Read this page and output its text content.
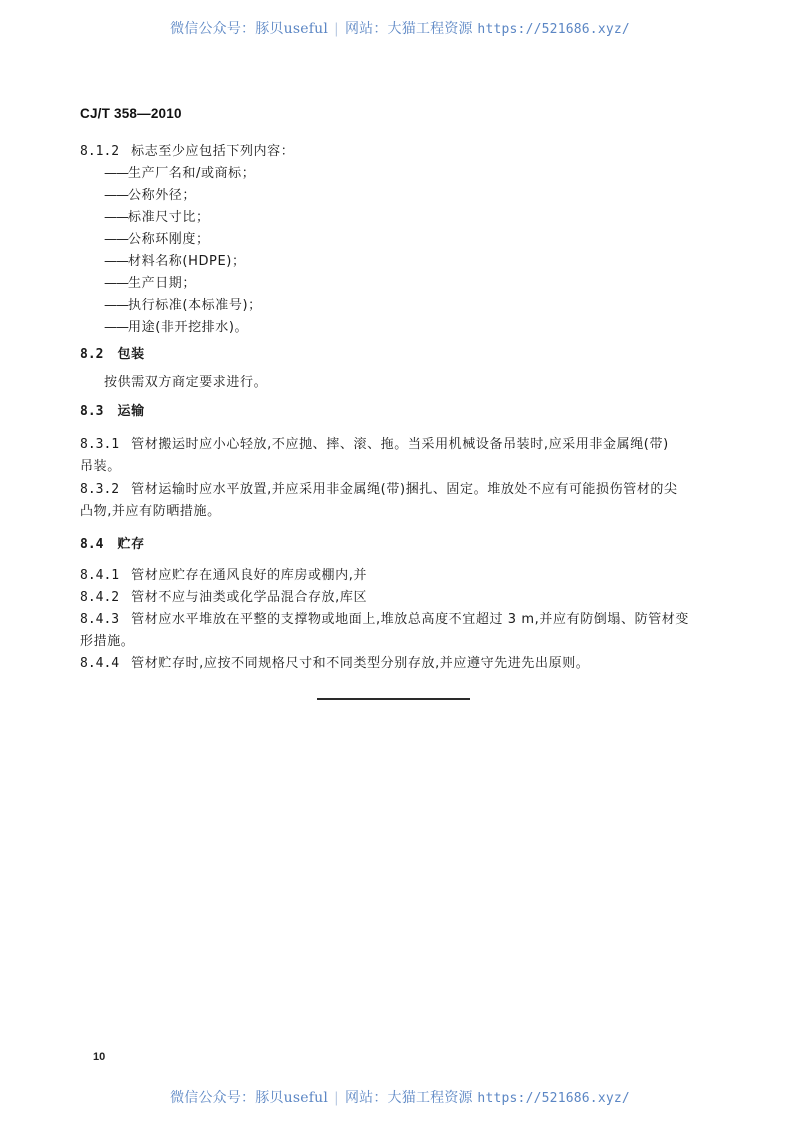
微信公众号：豚贝useful | 网站：大猫工程资源 https://521686.xyz/
CJ/T 358—2010
8.1.2 标志至少应包括下列内容：
——生产厂名和/或商标；
——公称外径；
——标准尺寸比；
——公称环刚度；
——材料名称(HDPE)；
——生产日期；
——执行标准(本标准号)；
——用途(非开挖排水)。
8.2 包装
按供需双方商定要求进行。
8.3 运输
8.3.1 管材搬运时应小心轻放,不应抛、摔、滚、拖。当采用机械设备吊装时,应采用非金属绳(带)
吊装。
8.3.2 管材运输时应水平放置,并应采用非金属绳(带)捆扎、固定。堆放处不应有可能损伤管材的尖
凸物,并应有防晒措施。
8.4 贮存
8.4.1 管材应贮存在通风良好的库房或棚内,并
8.4.2 管材不应与油类或化学品混合存放,库区
8.4.3 管材应水平堆放在平整的支撑物或地面上,堆放总高度不宜超过 3 m,并应有防倒塌、防管材变
形措施。
8.4.4 管材贮存时,应按不同规格尺寸和不同类型分别存放,并应遵守先进先出原则。
10
微信公众号：豚贝useful | 网站：大猫工程资源 https://521686.xyz/
